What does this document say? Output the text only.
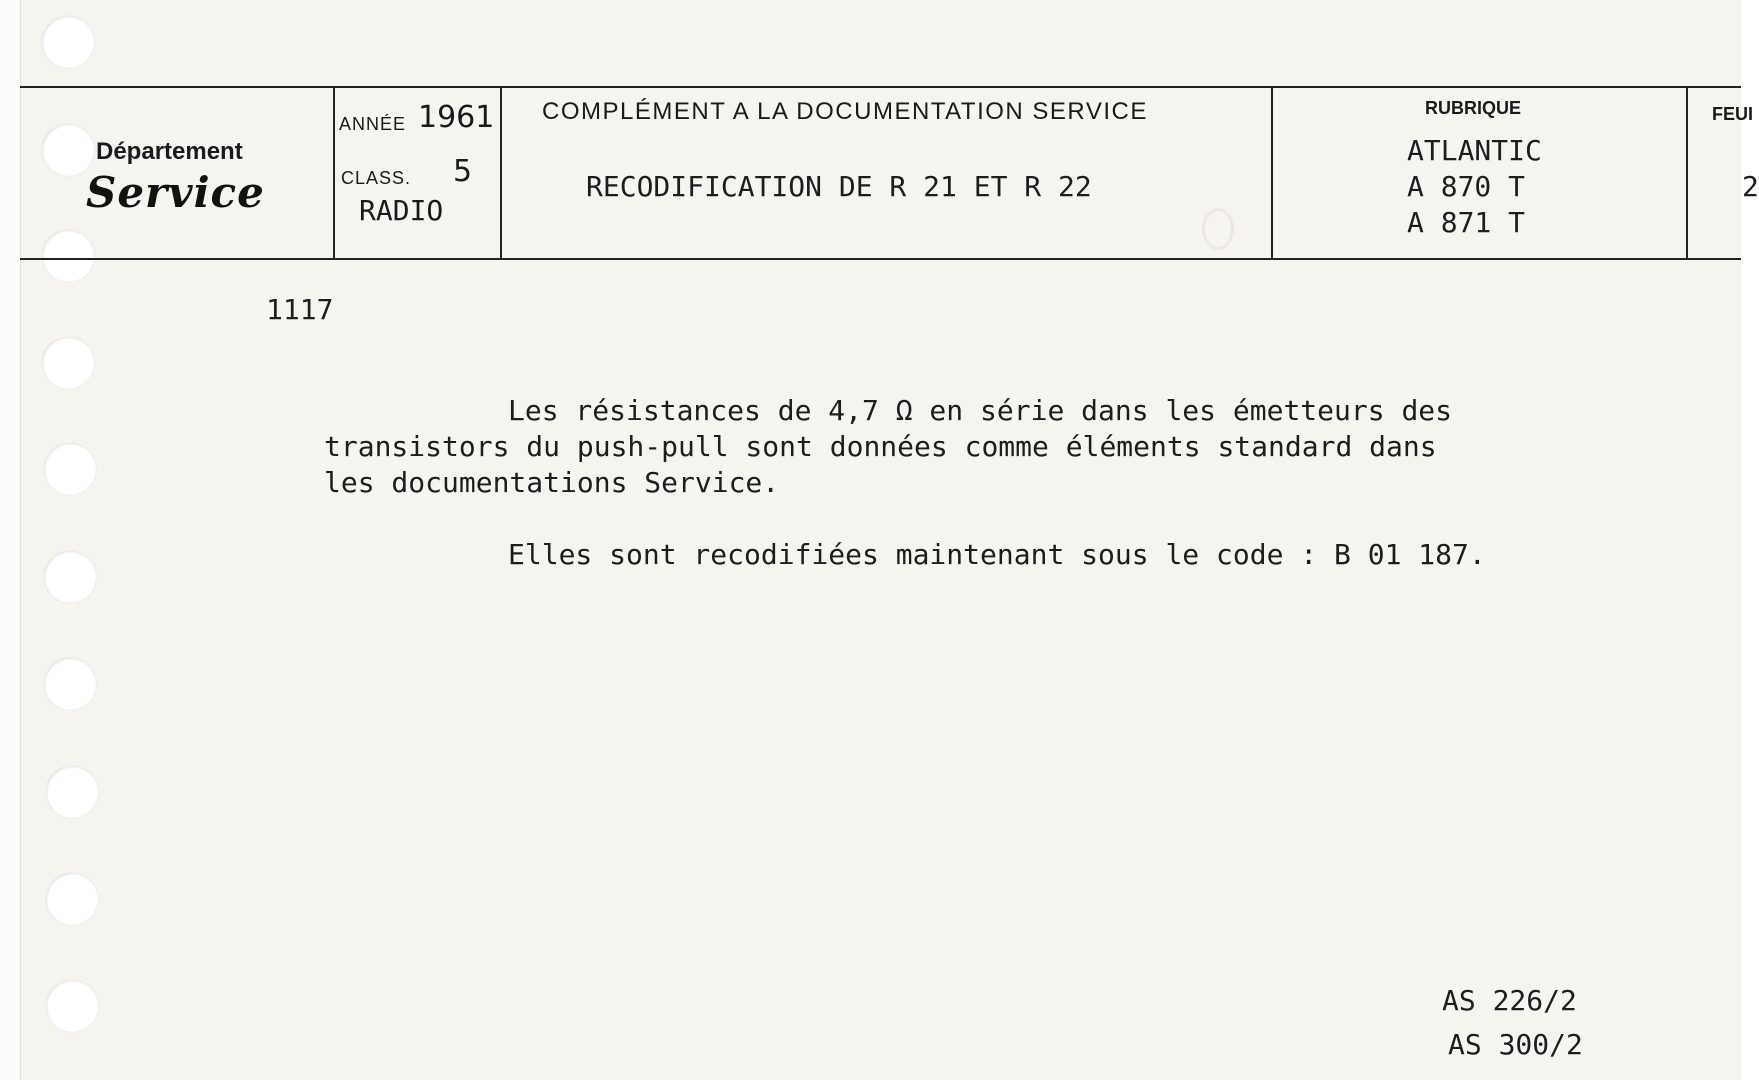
Département
Service
ANNÉE 1961
CLASS. 5
RADIO
COMPLÉMENT A LA DOCUMENTATION SERVICE
RECODIFICATION DE R 21 ET R 22
RUBRIQUE
ATLANTIC
A 870 T
A 871 T
FEUI
2
1117
Les résistances de 4,7 Ω en série dans les émetteurs des
transistors du push-pull sont données comme éléments standard dans
les documentations Service.
Elles sont recodifiées maintenant sous le code : B 01 187.
AS 226/2
AS 300/2
